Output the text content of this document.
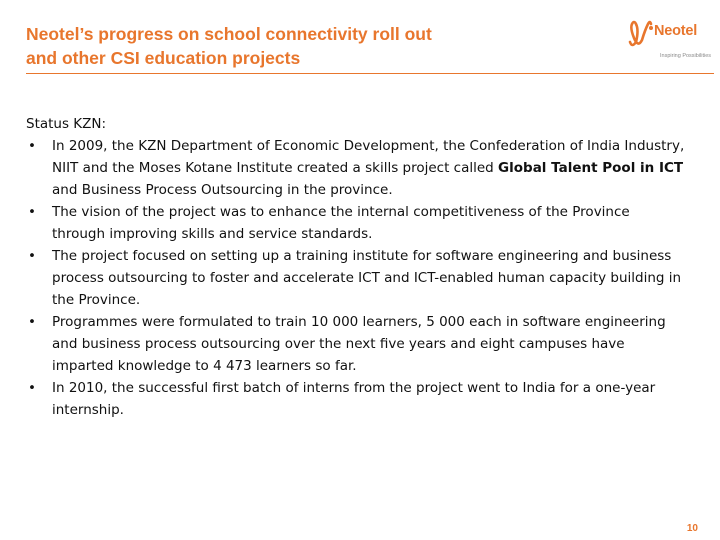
Neotel’s progress on school connectivity roll out
and other CSI education projects
Neotel
Inspiring Possibilities

Status KZN:

• In 2009, the KZN Department of Economic Development, the Confederation of India Industry, NIIT and the Moses Kotane Institute created a skills project called Global Talent Pool in ICT and Business Process Outsourcing in the province.
• The vision of the project was to enhance the internal competitiveness of the Province through improving skills and service standards.
• The project focused on setting up a training institute for software engineering and business process outsourcing to foster and accelerate ICT and ICT-enabled human capacity building in the Province.
• Programmes were formulated to train 10 000 learners, 5 000 each in software engineering and business process outsourcing over the next five years and eight campuses have imparted knowledge to 4 473 learners so far.
• In 2010, the successful first batch of interns from the project went to India for a one-year internship.
10
